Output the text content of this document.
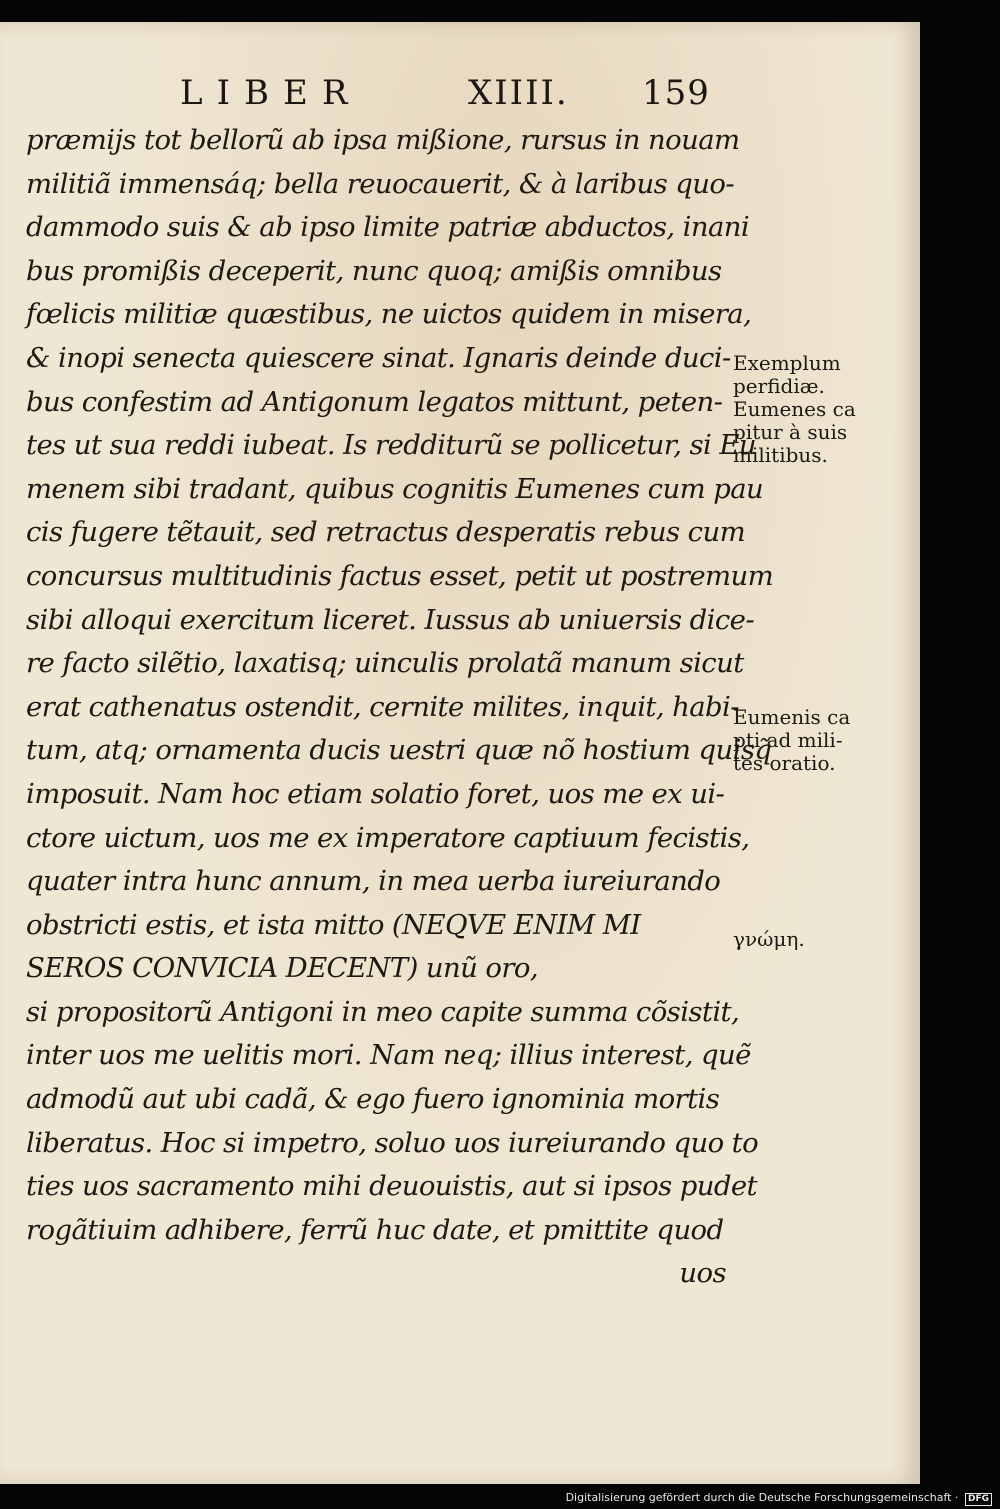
LIBER	XIIII. 159
præmijs tot bellorũ ab ipsa mißione, rursus in nouam
militiã immensáq; bella reuocauerit, & à laribus quo-
dammodo suis & ab ipso limite patriæ abductos, inani
bus promißis deceperit, nunc quoq; amißis omnibus
fœlicis militiæ quæstibus, ne uictos quidem in misera,
& inopi senecta quiescere sinat. Ignaris deinde duci-
bus confestim ad Antigonum legatos mittunt, peten-
tes ut sua reddi iubeat. Is redditurũ se pollicetur, si Eu
menem sibi tradant, quibus cognitis Eumenes cum pau
cis fugere tẽtauit, sed retractus desperatis rebus cum
concursus multitudinis factus esset, petit ut postremum
sibi alloqui exercitum liceret. Iussus ab uniuersis dice-
re facto silẽtio, laxatisq; uinculis prolatã manum sicut
erat cathenatus ostendit, cernite milites, inquit, habi-
tum, atq; ornamenta ducis uestri quæ nõ hostium quisq̃
imposuit. Nam hoc etiam solatio foret, uos me ex ui-
ctore uictum, uos me ex imperatore captiuum fecistis,
quater intra hunc annum, in mea uerba iureiurando
obstricti estis, et ista mitto (NEQVE ENIM MI
SEROS CONVICIA DECENT) unũ oro,
si propositorũ Antigoni in meo capite summa cõsistit,
inter uos me uelitis mori. Nam neq; illius interest, quẽ
admodũ aut ubi cadã, & ego fuero ignominia mortis
liberatus. Hoc si impetro, soluo uos iureiurando quo to
ties uos sacramento mihi deuouistis, aut si ipsos pudet
rogãtiuim adhibere, ferrũ huc date, et pmittite quod
uos
Exemplum
perfidiæ.
Eumenes ca
pitur à suis
militibus.
Eumenis ca
pti ad mili-
tes oratio.
γνώμη.
Digitalisierung gefördert durch die Deutsche Forschungsgemeinschaft · DFG
